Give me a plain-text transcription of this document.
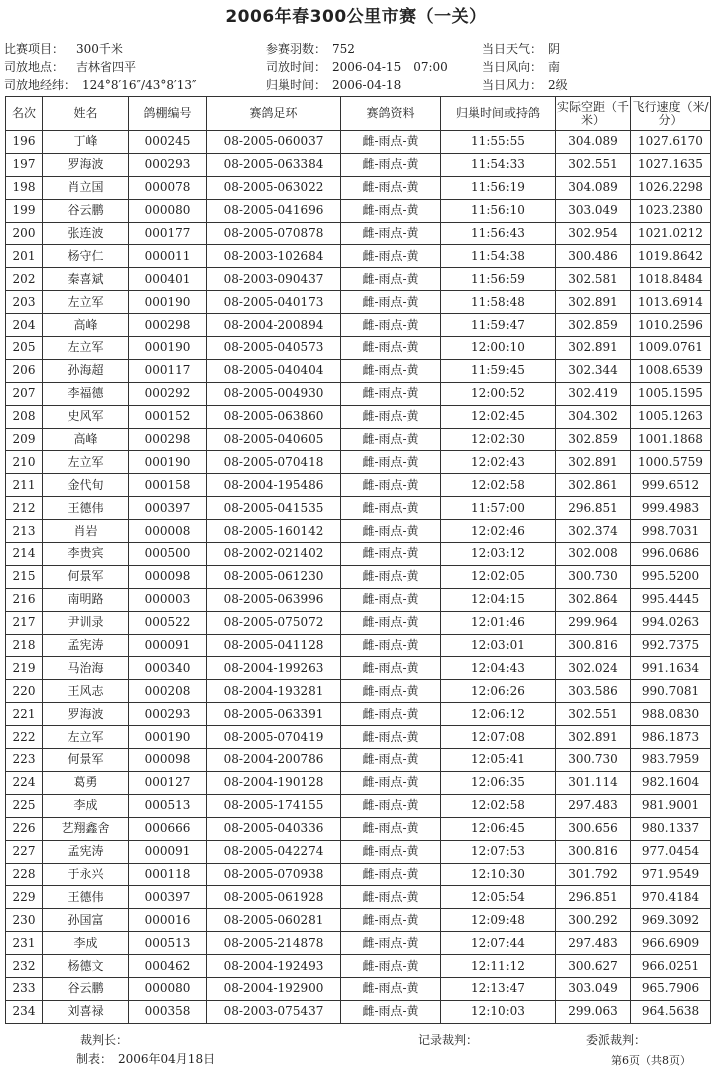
2006年春300公里市赛（一关）
比赛项目： 300千米
司放地点： 吉林省四平
司放地经纬： 124°8′16″/43°8′13″
参赛羽数： 752
司放时间： 2006-04-15　07:00
归巢时间： 2006-04-18
当日天气： 阴
当日风向： 南
当日风力： 2级
名次	姓名	鸽棚编号	赛鸽足环	赛鸽资料	归巢时间或持鸽	实际空距（千米）	飞行速度（米/分）
196	丁峰	000245	08-2005-060037	雌-雨点-黄	11:55:55	304.089	1027.6170
197	罗海波	000293	08-2005-063384	雌-雨点-黄	11:54:33	302.551	1027.1635
198	肖立国	000078	08-2005-063022	雌-雨点-黄	11:56:19	304.089	1026.2298
199	谷云鹏	000080	08-2005-041696	雌-雨点-黄	11:56:10	303.049	1023.2380
200	张连波	000177	08-2005-070878	雌-雨点-黄	11:56:43	302.954	1021.0212
201	杨守仁	000011	08-2003-102684	雌-雨点-黄	11:54:38	300.486	1019.8642
202	秦喜斌	000401	08-2003-090437	雌-雨点-黄	11:56:59	302.581	1018.8484
203	左立军	000190	08-2005-040173	雌-雨点-黄	11:58:48	302.891	1013.6914
204	高峰	000298	08-2004-200894	雌-雨点-黄	11:59:47	302.859	1010.2596
205	左立军	000190	08-2005-040573	雌-雨点-黄	12:00:10	302.891	1009.0761
206	孙海超	000117	08-2005-040404	雌-雨点-黄	11:59:45	302.344	1008.6539
207	李福德	000292	08-2005-004930	雌-雨点-黄	12:00:52	302.419	1005.1595
208	史风军	000152	08-2005-063860	雌-雨点-黄	12:02:45	304.302	1005.1263
209	高峰	000298	08-2005-040605	雌-雨点-黄	12:02:30	302.859	1001.1868
210	左立军	000190	08-2005-070418	雌-雨点-黄	12:02:43	302.891	1000.5759
211	金代旬	000158	08-2004-195486	雌-雨点-黄	12:02:58	302.861	999.6512
212	王德伟	000397	08-2005-041535	雌-雨点-黄	11:57:00	296.851	999.4983
213	肖岩	000008	08-2005-160142	雌-雨点-黄	12:02:46	302.374	998.7031
214	李贵宾	000500	08-2002-021402	雌-雨点-黄	12:03:12	302.008	996.0686
215	何景军	000098	08-2005-061230	雌-雨点-黄	12:02:05	300.730	995.5200
216	南明路	000003	08-2005-063996	雌-雨点-黄	12:04:15	302.864	995.4445
217	尹训录	000522	08-2005-075072	雌-雨点-黄	12:01:46	299.964	994.0263
218	孟宪涛	000091	08-2005-041128	雌-雨点-黄	12:03:01	300.816	992.7375
219	马治海	000340	08-2004-199263	雌-雨点-黄	12:04:43	302.024	991.1634
220	王风志	000208	08-2004-193281	雌-雨点-黄	12:06:26	303.586	990.7081
221	罗海波	000293	08-2005-063391	雌-雨点-黄	12:06:12	302.551	988.0830
222	左立军	000190	08-2005-070419	雌-雨点-黄	12:07:08	302.891	986.1873
223	何景军	000098	08-2004-200786	雌-雨点-黄	12:05:41	300.730	983.7959
224	葛勇	000127	08-2004-190128	雌-雨点-黄	12:06:35	301.114	982.1604
225	李成	000513	08-2005-174155	雌-雨点-黄	12:02:58	297.483	981.9001
226	艺翔鑫舍	000666	08-2005-040336	雌-雨点-黄	12:06:45	300.656	980.1337
227	孟宪涛	000091	08-2005-042274	雌-雨点-黄	12:07:53	300.816	977.0454
228	于永兴	000118	08-2005-070938	雌-雨点-黄	12:10:30	301.792	971.9549
229	王德伟	000397	08-2005-061928	雌-雨点-黄	12:05:54	296.851	970.4184
230	孙国富	000016	08-2005-060281	雌-雨点-黄	12:09:48	300.292	969.3092
231	李成	000513	08-2005-214878	雌-雨点-黄	12:07:44	297.483	966.6909
232	杨德文	000462	08-2004-192493	雌-雨点-黄	12:11:12	300.627	966.0251
233	谷云鹏	000080	08-2004-192900	雌-雨点-黄	12:13:47	303.049	965.7906
234	刘喜禄	000358	08-2003-075437	雌-雨点-黄	12:10:03	299.063	964.5638
裁判长：	记录裁判：	委派裁判：
制表：　2006年04月18日	第6页（共8页）
